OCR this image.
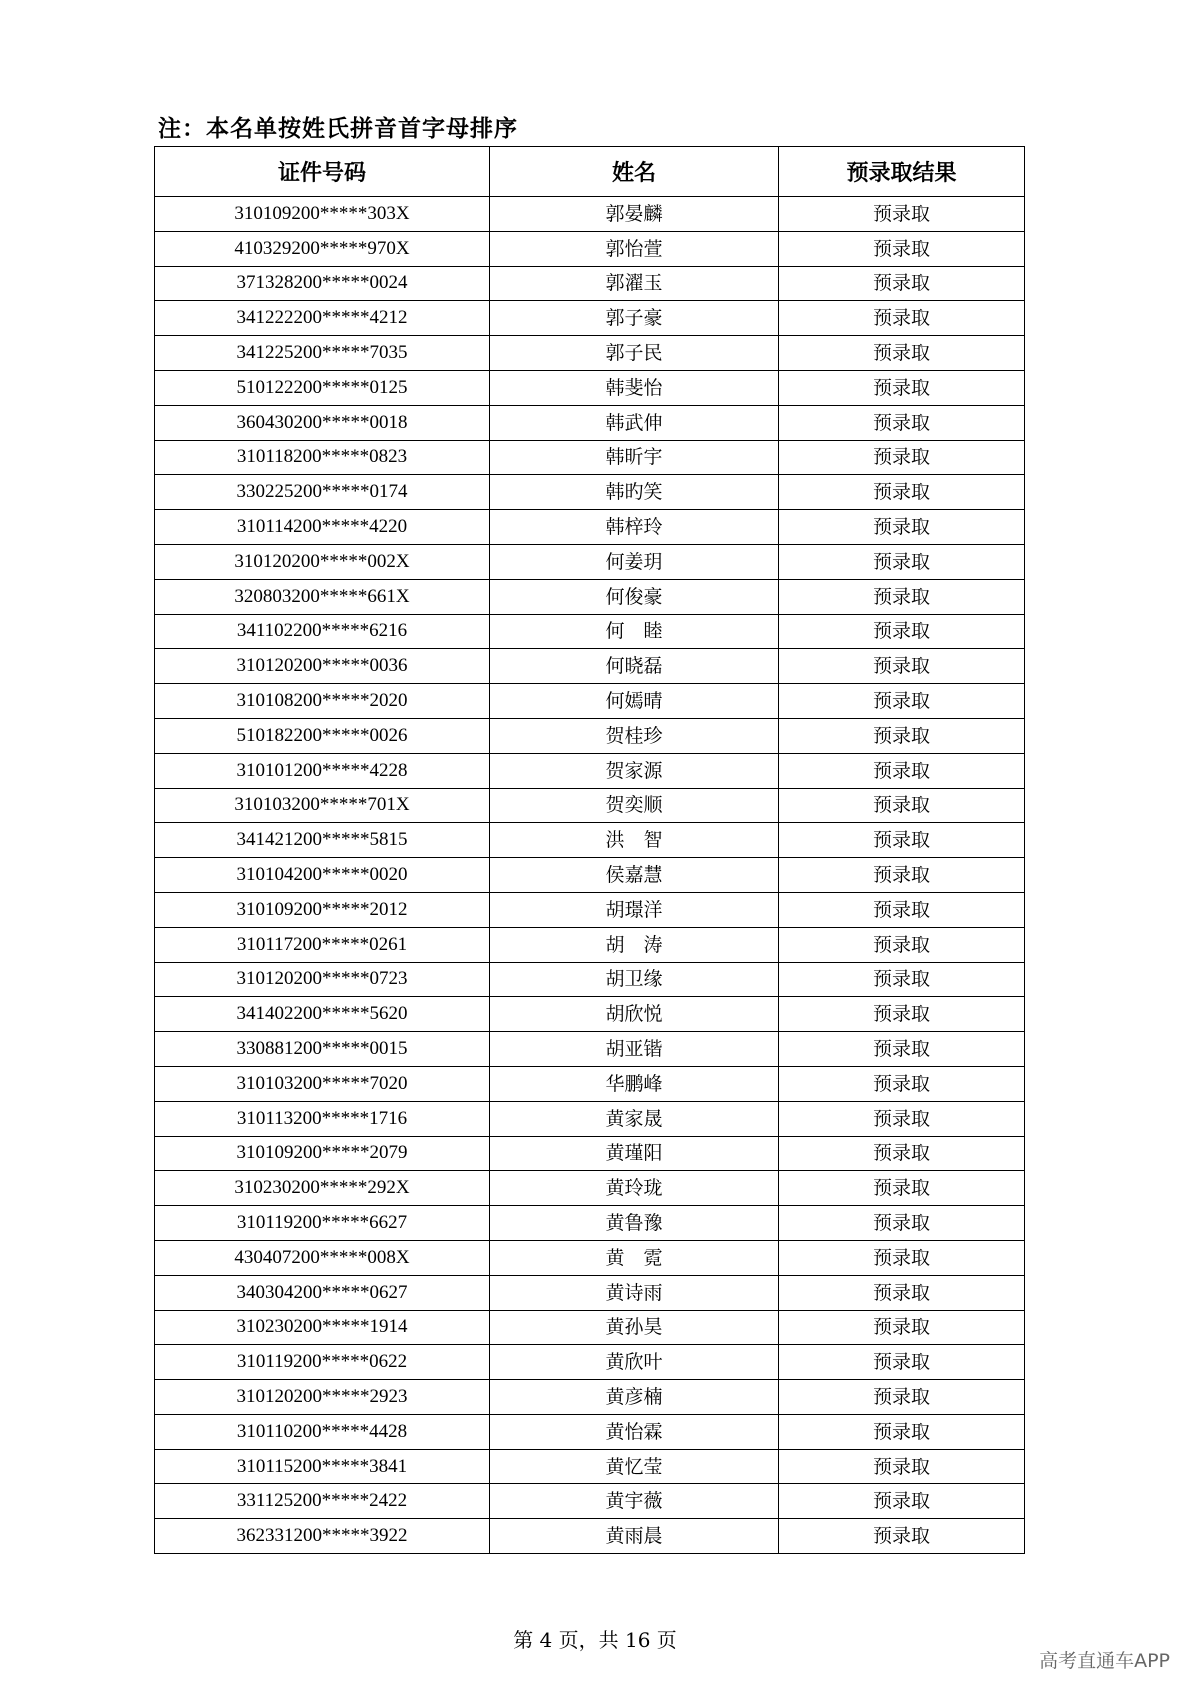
注：本名单按姓氏拼音首字母排序
证件号码	姓名	预录取结果
310109200*****303X	郭晏麟	预录取
410329200*****970X	郭怡萱	预录取
371328200*****0024	郭濯玉	预录取
341222200*****4212	郭子豪	预录取
341225200*****7035	郭子民	预录取
510122200*****0125	韩斐怡	预录取
360430200*****0018	韩武伸	预录取
310118200*****0823	韩昕宇	预录取
330225200*****0174	韩旳笑	预录取
310114200*****4220	韩梓玲	预录取
310120200*****002X	何姜玥	预录取
320803200*****661X	何俊豪	预录取
341102200*****6216	何　睦	预录取
310120200*****0036	何晓磊	预录取
310108200*****2020	何嫣晴	预录取
510182200*****0026	贺桂珍	预录取
310101200*****4228	贺家源	预录取
310103200*****701X	贺奕顺	预录取
341421200*****5815	洪　智	预录取
310104200*****0020	侯嘉慧	预录取
310109200*****2012	胡璟洋	预录取
310117200*****0261	胡　涛	预录取
310120200*****0723	胡卫缘	预录取
341402200*****5620	胡欣悦	预录取
330881200*****0015	胡亚锴	预录取
310103200*****7020	华鹏峰	预录取
310113200*****1716	黄家晟	预录取
310109200*****2079	黄瑾阳	预录取
310230200*****292X	黄玲珑	预录取
310119200*****6627	黄鲁豫	预录取
430407200*****008X	黄　霓	预录取
340304200*****0627	黄诗雨	预录取
310230200*****1914	黄孙昊	预录取
310119200*****0622	黄欣叶	预录取
310120200*****2923	黄彦楠	预录取
310110200*****4428	黄怡霖	预录取
310115200*****3841	黄忆莹	预录取
331125200*****2422	黄宇薇	预录取
362331200*****3922	黄雨晨	预录取
第 4 页，共 16 页
高考直通车APP
